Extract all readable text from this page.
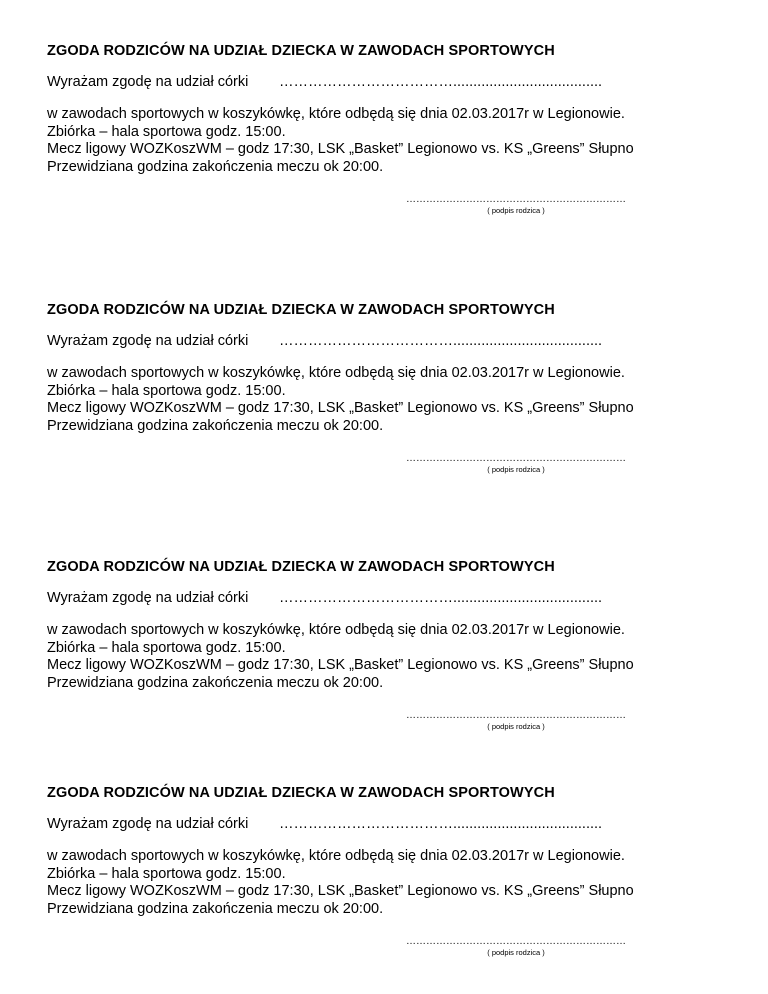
ZGODA RODZICÓW NA UDZIAŁ DZIECKA W ZAWODACH SPORTOWYCH
Wyrażam zgodę na udział córki ……………………………….....................................
w zawodach sportowych w koszykówkę, które odbędą się dnia 02.03.2017r w Legionowie.
Zbiórka – hala sportowa godz. 15:00.
Mecz ligowy WOZKoszWM – godz 17:30, LSK „Basket” Legionowo vs. KS „Greens” Słupno
Przewidziana godzina zakończenia meczu ok 20:00.
…………………………………………………………
( podpis rodzica )
ZGODA RODZICÓW NA UDZIAŁ DZIECKA W ZAWODACH SPORTOWYCH
Wyrażam zgodę na udział córki ……………………………….....................................
w zawodach sportowych w koszykówkę, które odbędą się dnia 02.03.2017r w Legionowie.
Zbiórka – hala sportowa godz. 15:00.
Mecz ligowy WOZKoszWM – godz 17:30, LSK „Basket” Legionowo vs. KS „Greens” Słupno
Przewidziana godzina zakończenia meczu ok 20:00.
…………………………………………………………
( podpis rodzica )
ZGODA RODZICÓW NA UDZIAŁ DZIECKA W ZAWODACH SPORTOWYCH
Wyrażam zgodę na udział córki ……………………………….....................................
w zawodach sportowych w koszykówkę, które odbędą się dnia 02.03.2017r w Legionowie.
Zbiórka – hala sportowa godz. 15:00.
Mecz ligowy WOZKoszWM – godz 17:30, LSK „Basket” Legionowo vs. KS „Greens” Słupno
Przewidziana godzina zakończenia meczu ok 20:00.
…………………………………………………………
( podpis rodzica )
ZGODA RODZICÓW NA UDZIAŁ DZIECKA W ZAWODACH SPORTOWYCH
Wyrażam zgodę na udział córki ……………………………….....................................
w zawodach sportowych w koszykówkę, które odbędą się dnia 02.03.2017r w Legionowie.
Zbiórka – hala sportowa godz. 15:00.
Mecz ligowy WOZKoszWM – godz 17:30, LSK „Basket” Legionowo vs. KS „Greens” Słupno
Przewidziana godzina zakończenia meczu ok 20:00.
…………………………………………………………
( podpis rodzica )
